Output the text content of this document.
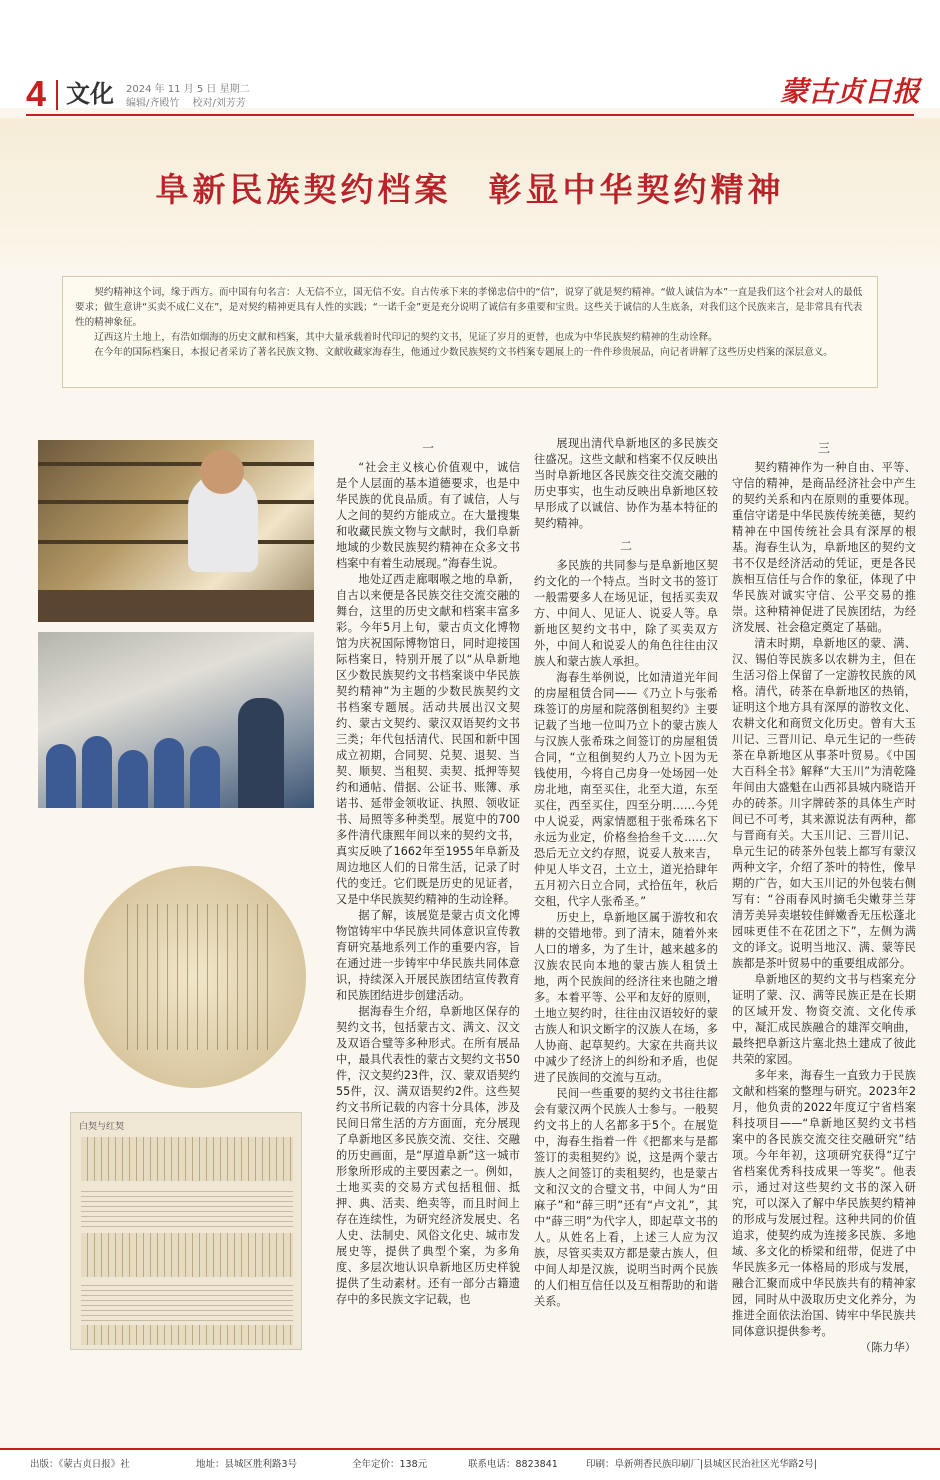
4 文化 2024 年 11 月 5 日 星期二
编辑/齐殿竹　 校对/刘芳芳	蒙古贞日报
阜新民族契约档案　彰显中华契约精神

契约精神这个词，缘于西方。而中国有句名言：人无信不立，国无信不安。自古传承下来的孝悌忠信中的“信”，说穿了就是契约精神。“做人诚信为本”一直是我们这个社会对人的最低要求；做生意讲“买卖不成仁义在”，是对契约精神更具有人性的实践；“一诺千金”更是充分说明了诚信有多重要和宝贵。这些关于诚信的人生底条，对我们这个民族来言，是非常具有代表性的精神象征。

辽西这片土地上，有浩如烟海的历史文献和档案，其中大量承载着时代印记的契约文书，见证了岁月的更替，也成为中华民族契约精神的生动诠释。

在今年的国际档案日，本报记者采访了著名民族文物、文献收藏家海春生，他通过少数民族契约文书档案专题展上的一件件珍贵展品，向记者讲解了这些历史档案的深层意义。

白契与红契

一

“社会主义核心价值观中，诚信是个人层面的基本道德要求，也是中华民族的优良品质。有了诚信，人与人之间的契约方能成立。在大量搜集和收藏民族文物与文献时，我们阜新地域的少数民族契约精神在众多文书档案中有着生动展现。”海春生说。

地处辽西走廊咽喉之地的阜新，自古以来便是各民族交往交流交融的舞台，这里的历史文献和档案丰富多彩。今年5月上旬，蒙古贞文化博物馆为庆祝国际博物馆日，同时迎接国际档案日，特别开展了以“从阜新地区少数民族契约文书档案谈中华民族契约精神”为主题的少数民族契约文书档案专题展。活动共展出汉文契约、蒙古文契约、蒙汉双语契约文书三类；年代包括清代、民国和新中国成立初期，合同契、兑契、退契、当契、顺契、当租契、卖契、抵押等契约和通帖、借据、公证书、账簿、承诺书、延带金领收证、执照、领收证书、局照等多种类型。展览中的700多件清代康熙年间以来的契约文书，真实反映了1662年至1955年阜新及周边地区人们的日常生活，记录了时代的变迁。它们既是历史的见证者，又是中华民族契约精神的生动诠释。

据了解，该展览是蒙古贞文化博物馆铸牢中华民族共同体意识宣传教育研究基地系列工作的重要内容，旨在通过进一步铸牢中华民族共同体意识，持续深入开展民族团结宣传教育和民族团结进步创建活动。

据海春生介绍，阜新地区保存的契约文书，包括蒙古文、满文、汉文及双语合璧等多种形式。在所有展品中，最具代表性的蒙古文契约文书50件，汉文契约23件，汉、蒙双语契约55件，汉、满双语契约2件。这些契约文书所记载的内容十分具体，涉及民间日常生活的方方面面，充分展现了阜新地区多民族交流、交往、交融的历史画面，是“厚道阜新”这一城市形象所形成的主要因素之一。例如，土地买卖的交易方式包括租佃、抵押、典、活卖、绝卖等，而且时间上存在连续性，为研究经济发展史、名人史、法制史、风俗文化史、城市发展史等，提供了典型个案，为多角度、多层次地认识阜新地区历史样貌提供了生动素材。还有一部分古籍遗存中的多民族文字记载，也

展现出清代阜新地区的多民族交往盛况。这些文献和档案不仅反映出当时阜新地区各民族交往交流交融的历史事实，也生动反映出阜新地区较早形成了以诚信、协作为基本特征的契约精神。

二

多民族的共同参与是阜新地区契约文化的一个特点。当时文书的签订一般需要多人在场见证，包括买卖双方、中间人、见证人、说妥人等。阜新地区契约文书中，除了买卖双方外，中间人和说妥人的角色往往由汉族人和蒙古族人承担。

海春生举例说，比如清道光年间的房屋租赁合同——《乃立卜与张希珠签订的房屋和院落倒租契约》主要记载了当地一位叫乃立卜的蒙古族人与汉族人张希珠之间签订的房屋租赁合同，“立租倒契约人乃立卜因为无钱使用，今将自己房身一处场园一处房北地，南至买住，北至大道，东至买住，西至买住，四至分明……今凭中人说妥，两家情愿租于张希珠名下永远为业定，价格叁拾叁千文……欠恐后无立文约存照，说妥人敖来吉，仲见人毕文召，土立土，道光拾肆年五月初六日立合同，式拾伍年，秋后交租，代字人张希圣。”

历史上，阜新地区属于游牧和农耕的交错地带。到了清末，随着外来人口的增多，为了生计，越来越多的汉族农民向本地的蒙古族人租赁土地，两个民族间的经济往来也随之增多。本着平等、公平和友好的原则，土地立契约时，往往由汉语较好的蒙古族人和识文断字的汉族人在场，多人协商、起草契约。大家在共商共议中减少了经济上的纠纷和矛盾，也促进了民族间的交流与互动。

民间一些重要的契约文书往往都会有蒙汉两个民族人士参与。一般契约文书上的人名都多于5个。在展览中，海春生指着一件《把都来与是都签订的卖租契约》说，这是两个蒙古族人之间签订的卖租契约，也是蒙古文和汉文的合璧文书，中间人为“田麻子”和“薛三明”还有“卢文礼”，其中“薛三明”为代字人，即起草文书的人。从姓名上看，上述三人应为汉族，尽管买卖双方都是蒙古族人，但中间人却是汉族，说明当时两个民族的人们相互信任以及互相帮助的和谐关系。

三

契约精神作为一种自由、平等、守信的精神，是商品经济社会中产生的契约关系和内在原则的重要体现。重信守诺是中华民族传统美德，契约精神在中国传统社会具有深厚的根基。海春生认为，阜新地区的契约文书不仅是经济活动的凭证，更是各民族相互信任与合作的象征，体现了中华民族对诚实守信、公平交易的推崇。这种精神促进了民族团结，为经济发展、社会稳定奠定了基础。

清末时期，阜新地区的蒙、满、汉、锡伯等民族多以农耕为主，但在生活习俗上保留了一定游牧民族的风格。清代，砖茶在阜新地区的热销，证明这个地方具有深厚的游牧文化、农耕文化和商贸文化历史。曾有大玉川记、三晋川记、阜元生记的一些砖茶在阜新地区从事茶叶贸易。《中国大百科全书》解释“大玉川”为清乾隆年间由大盛魁在山西祁县城内晓诰开办的砖茶。川字牌砖茶的具体生产时间已不可考，其来源说法有两种，都与晋商有关。大玉川记、三晋川记、阜元生记的砖茶外包装上都写有蒙汉两种文字，介绍了茶叶的特性，像早期的广告，如大玉川记的外包装右侧写有：“谷雨春风时摘毛尖嫩芽兰芽清芳美异卖堪较佳鲜嫩香无压松蓬北园味更佳不在花团之下”，左侧为满文的译文。说明当地汉、满、蒙等民族都是茶叶贸易中的重要组成部分。

阜新地区的契约文书与档案充分证明了蒙、汉、满等民族正是在长期的区域开发、物资交流、文化传承中，凝汇成民族融合的雄浑交响曲，最终把阜新这片塞北热土建成了彼此共荣的家园。

多年来，海春生一直致力于民族文献和档案的整理与研究。2023年2月，他负责的2022年度辽宁省档案科技项目——“阜新地区契约文书档案中的各民族交流交往交融研究”结项。今年年初，这项研究获得“辽宁省档案优秀科技成果一等奖”。他表示，通过对这些契约文书的深入研究，可以深入了解中华民族契约精神的形成与发展过程。这种共同的价值追求，使契约成为连接多民族、多地域、多文化的桥梁和纽带，促进了中华民族多元一体格局的形成与发展，融合汇聚而成中华民族共有的精神家园，同时从中汲取历史文化养分，为推进全面依法治国、铸牢中华民族共同体意识提供参考。

（陈力华）

出版：《蒙古贞日报》社	地址：县城区胜利路3号	全年定价：138元	联系电话：8823841	印刷：阜新朔香民族印刷厂|县城区民治社区光华路2号|
